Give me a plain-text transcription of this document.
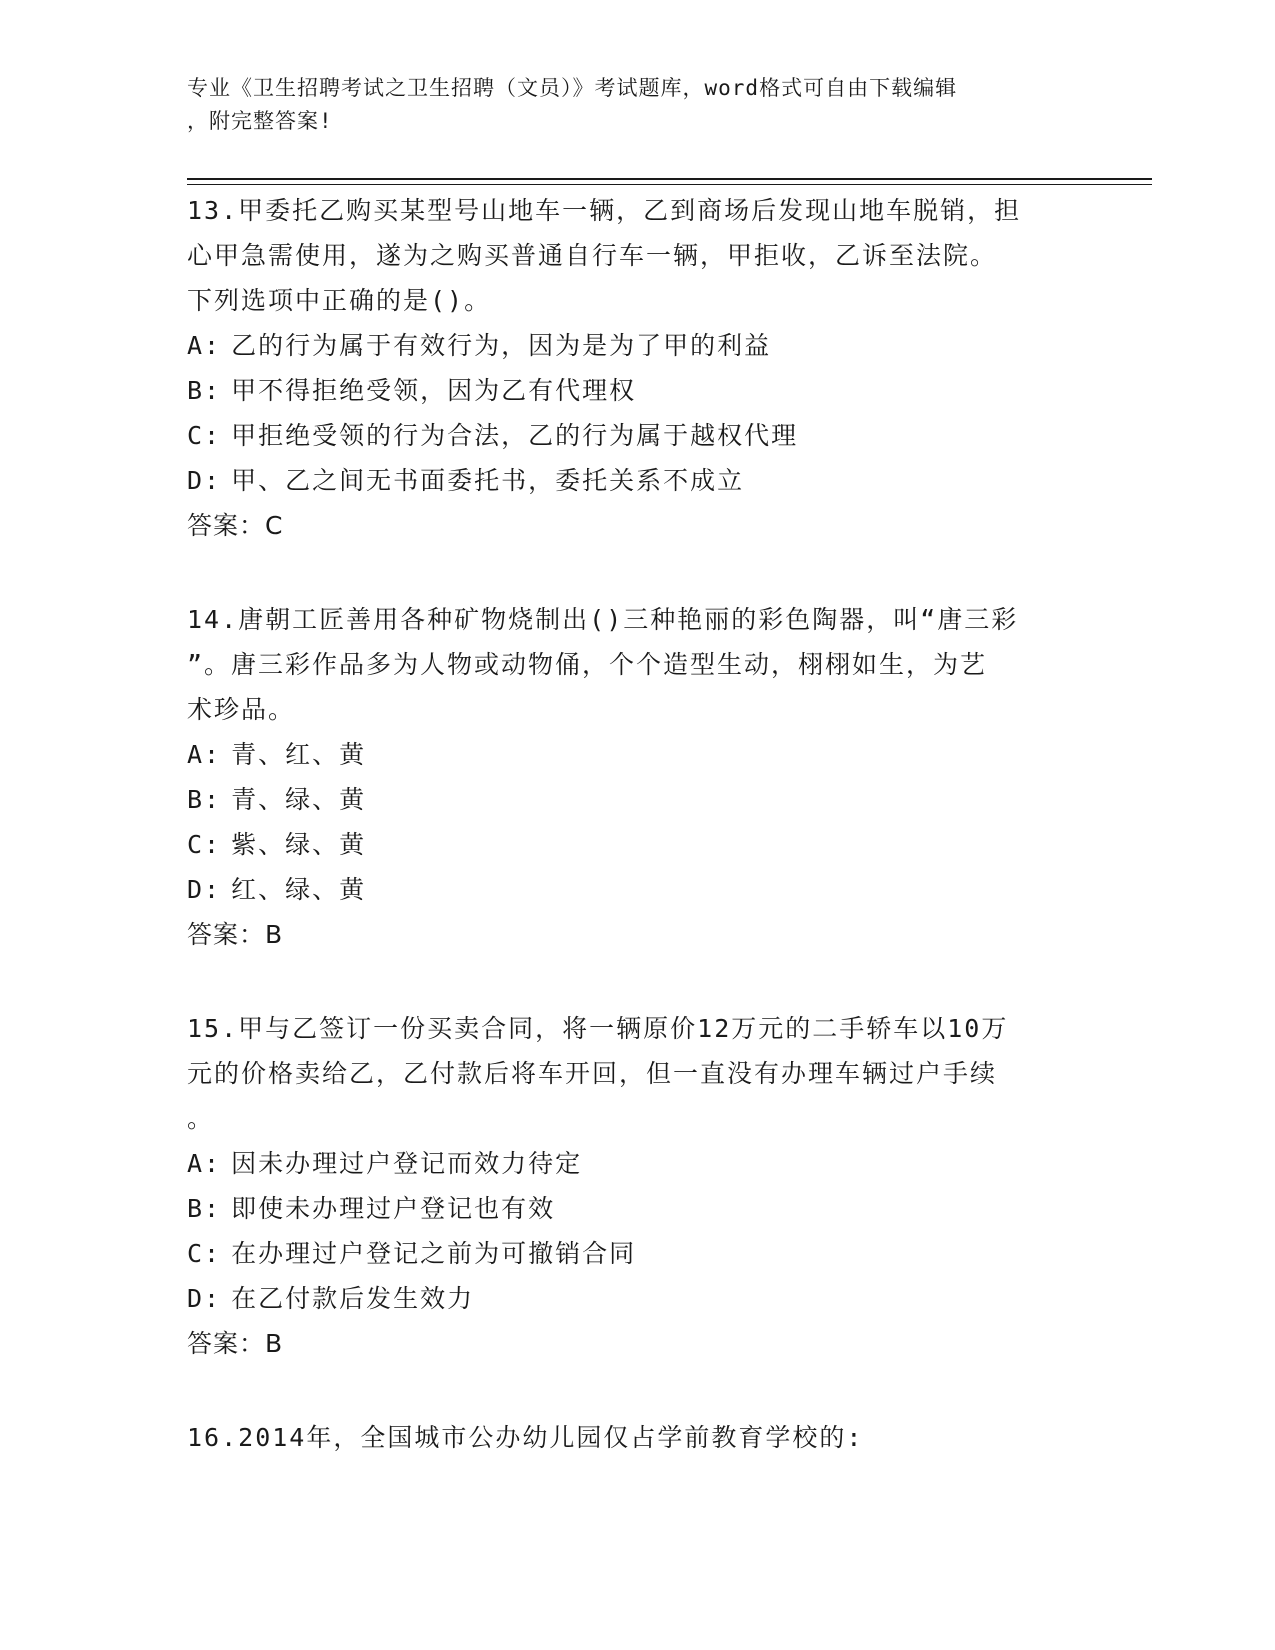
专业《卫生招聘考试之卫生招聘（文员）》考试题库，word格式可自由下载编辑
，附完整答案!

13.甲委托乙购买某型号山地车一辆，乙到商场后发现山地车脱销，担

心甲急需使用，遂为之购买普通自行车一辆，甲拒收，乙诉至法院。

下列选项中正确的是()。

A: 乙的行为属于有效行为，因为是为了甲的利益

B: 甲不得拒绝受领，因为乙有代理权

C: 甲拒绝受领的行为合法，乙的行为属于越权代理

D: 甲、乙之间无书面委托书，委托关系不成立

答案：C

14.唐朝工匠善用各种矿物烧制出()三种艳丽的彩色陶器，叫“唐三彩

”。唐三彩作品多为人物或动物俑，个个造型生动，栩栩如生，为艺

术珍品。

A: 青、红、黄

B: 青、绿、黄

C: 紫、绿、黄

D: 红、绿、黄

答案：B

15.甲与乙签订一份买卖合同，将一辆原价12万元的二手轿车以10万

元的价格卖给乙，乙付款后将车开回，但一直没有办理车辆过户手续

。

A: 因未办理过户登记而效力待定

B: 即使未办理过户登记也有效

C: 在办理过户登记之前为可撤销合同

D: 在乙付款后发生效力

答案：B

16.2014年，全国城市公办幼儿园仅占学前教育学校的:
